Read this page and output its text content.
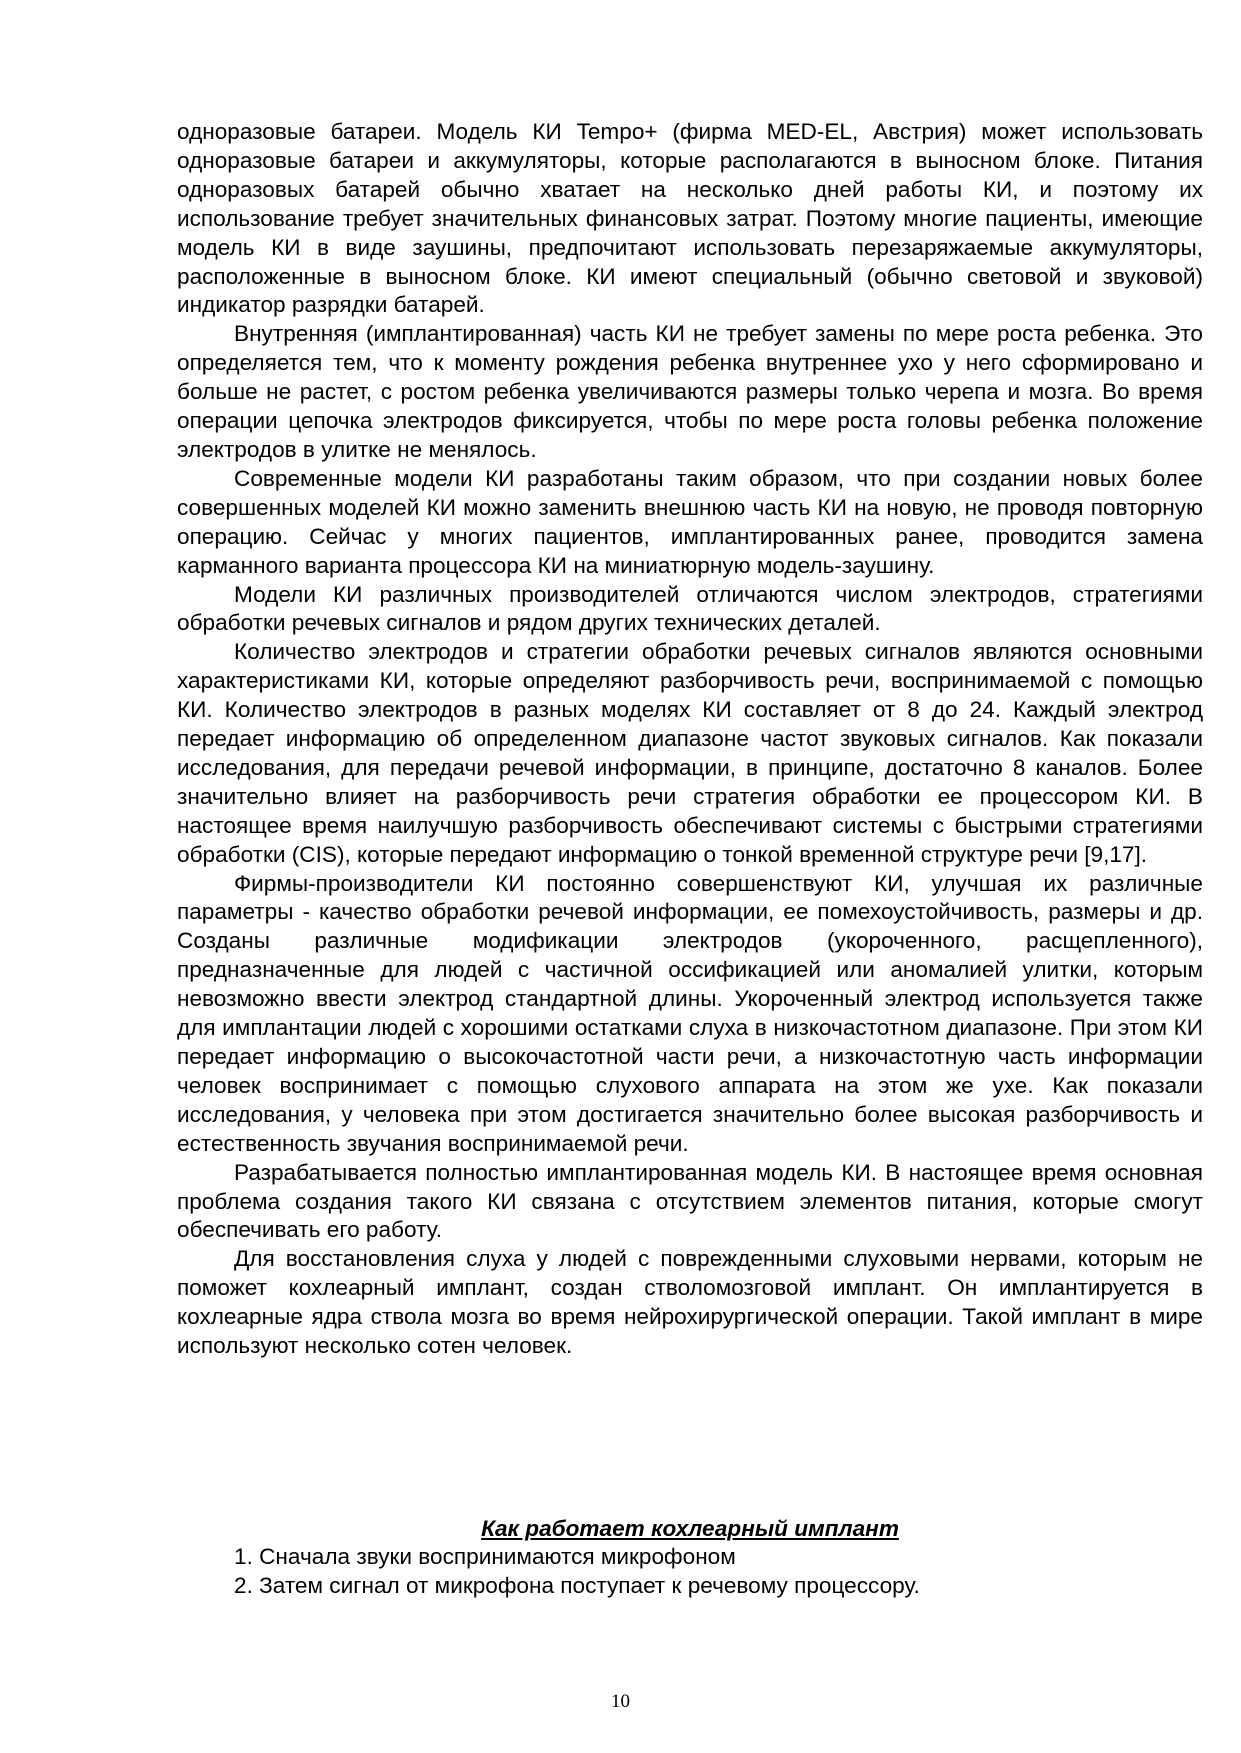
одноразовые батареи. Модель КИ Tempo+ (фирма MED-EL, Австрия) может использовать одноразовые батареи и аккумуляторы, которые располагаются в выносном блоке. Питания одноразовых батарей обычно хватает на несколько дней работы КИ, и поэтому их использование требует значительных финансовых затрат. Поэтому многие пациенты, имеющие модель КИ в виде заушины, предпочитают использовать перезаряжаемые аккумуляторы, расположенные в выносном блоке. КИ имеют специальный (обычно световой и звуковой) индикатор разрядки батарей.

Внутренняя (имплантированная) часть КИ не требует замены по мере роста ребенка. Это определяется тем, что к моменту рождения ребенка внутреннее ухо у него сформировано и больше не растет, с ростом ребенка увеличиваются размеры только черепа и мозга. Во время операции цепочка электродов фиксируется, чтобы по мере роста головы ребенка положение электродов в улитке не менялось.

Современные модели КИ разработаны таким образом, что при создании новых более совершенных моделей КИ можно заменить внешнюю часть КИ на новую, не проводя повторную операцию. Сейчас у многих пациентов, имплантированных ранее, проводится замена карманного варианта процессора КИ на миниатюрную модель-заушину.

Модели КИ различных производителей отличаются числом электродов, стратегиями обработки речевых сигналов и рядом других технических деталей.

Количество электродов и стратегии обработки речевых сигналов являются основными характеристиками КИ, которые определяют разборчивость речи, воспринимаемой с помощью КИ. Количество электродов в разных моделях КИ составляет от 8 до 24. Каждый электрод передает информацию об определенном диапазоне частот звуковых сигналов. Как показали исследования, для передачи речевой информации, в принципе, достаточно 8 каналов. Более значительно влияет на разборчивость речи стратегия обработки ее процессором КИ. В настоящее время наилучшую разборчивость обеспечивают системы с быстрыми стратегиями обработки (CIS), которые передают информацию о тонкой временной структуре речи [9,17].

Фирмы-производители КИ постоянно совершенствуют КИ, улучшая их различные параметры - качество обработки речевой информации, ее помехоустойчивость, размеры и др. Созданы различные модификации электродов (укороченного, расщепленного), предназначенные для людей с частичной оссификацией или аномалией улитки, которым невозможно ввести электрод стандартной длины. Укороченный электрод используется также для имплантации людей с хорошими остатками слуха в низкочастотном диапазоне. При этом КИ передает информацию о высокочастотной части речи, а низкочастотную часть информации человек воспринимает с помощью слухового аппарата на этом же ухе. Как показали исследования, у человека при этом достигается значительно более высокая разборчивость и естественность звучания воспринимаемой речи.

Разрабатывается полностью имплантированная модель КИ. В настоящее время основная проблема создания такого КИ связана с отсутствием элементов питания, которые смогут обеспечивать его работу.

Для восстановления слуха у людей с поврежденными слуховыми нервами, которым не поможет кохлеарный имплант, создан стволомозговой имплант. Он имплантируется в кохлеарные ядра ствола мозга во время нейрохирургической операции. Такой имплант в мире используют несколько сотен человек.

Как работает кохлеарный имплант
1. Сначала звуки воспринимаются микрофоном
2. Затем сигнал от микрофона поступает к речевому процессору.
10
